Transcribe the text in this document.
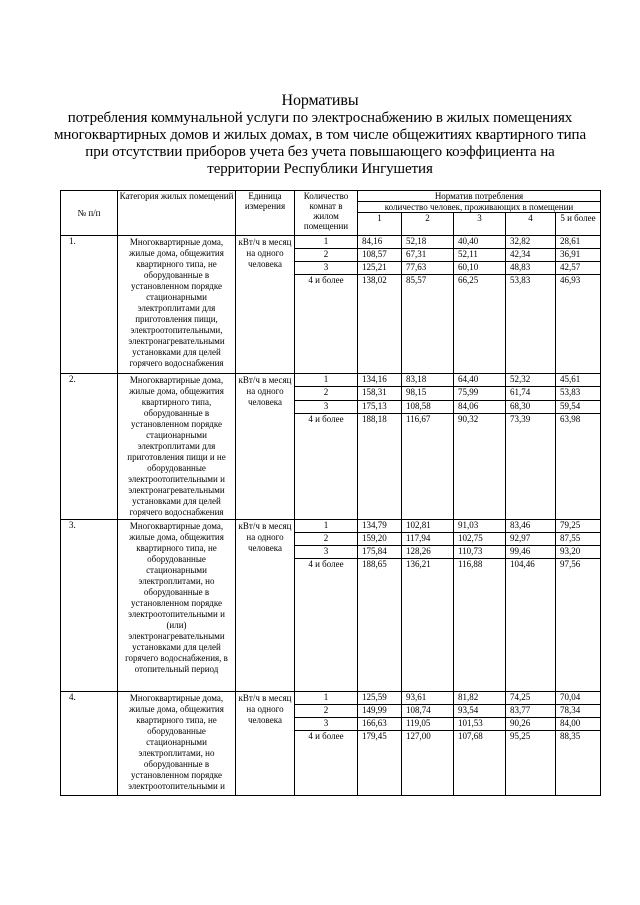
Нормативы
потребления коммунальной услуги по электроснабжению в жилых помещениях
многоквартирных домов и жилых домах, в том числе общежитиях квартирного типа
при отсутствии приборов учета без учета повышающего коэффициента на
территории Республики Ингушетия
№ п/п	Категория жилых помещений	Единица измерения	Количество комнат в жилом помещении	Норматив потребления				
				количество человек, проживающих в помещении				
				1	2	3	4	5 и более
1.	Многоквартирные дома, жилые дома, общежития квартирного типа, не оборудованные в установленном порядке стационарными электроплитами для приготовления пищи, электроотопительными, электронагревательными установками для целей горячего водоснабжения	кВт/ч в месяц на одного человека	1	84,16	52,18	40,40	32,82	28,61
			2	108,57	67,31	52,11	42,34	36,91
			3	125,21	77,63	60,10	48,83	42,57
			4 и более	138,02	85,57	66,25	53,83	46,93
2.	Многоквартирные дома, жилые дома, общежития квартирного типа, оборудованные в установленном порядке стационарными электроплитами для приготовления пищи и не оборудованные электроотопительными и электронагревательными установками для целей горячего водоснабжения	кВт/ч в месяц на одного человека	1	134,16	83,18	64,40	52,32	45,61
			2	158,31	98,15	75,99	61,74	53,83
			3	175,13	108,58	84,06	68,30	59,54
			4 и более	188,18	116,67	90,32	73,39	63,98
3.	Многоквартирные дома, жилые дома, общежития квартирного типа, не оборудованные стационарными электроплитами, но оборудованные в установленном порядке электроотопительными и (или) электронагревательными установками для целей горячего водоснабжения, в отопительный период	кВт/ч в месяц на одного человека	1	134,79	102,81	91,03	83,46	79,25
			2	159,20	117,94	102,75	92,97	87,55
			3	175,84	128,26	110,73	99,46	93,20
			4 и более	188,65	136,21	116,88	104,46	97,56
4.	Многоквартирные дома, жилые дома, общежития квартирного типа, не оборудованные стационарными электроплитами, но оборудованные в установленном порядке электроотопительными и	кВт/ч в месяц на одного человека	1	125,59	93,61	81,82	74,25	70,04
			2	149,99	108,74	93,54	83,77	78,34
			3	166,63	119,05	101,53	90,26	84,00
			4 и более	179,45	127,00	107,68	95,25	88,35
